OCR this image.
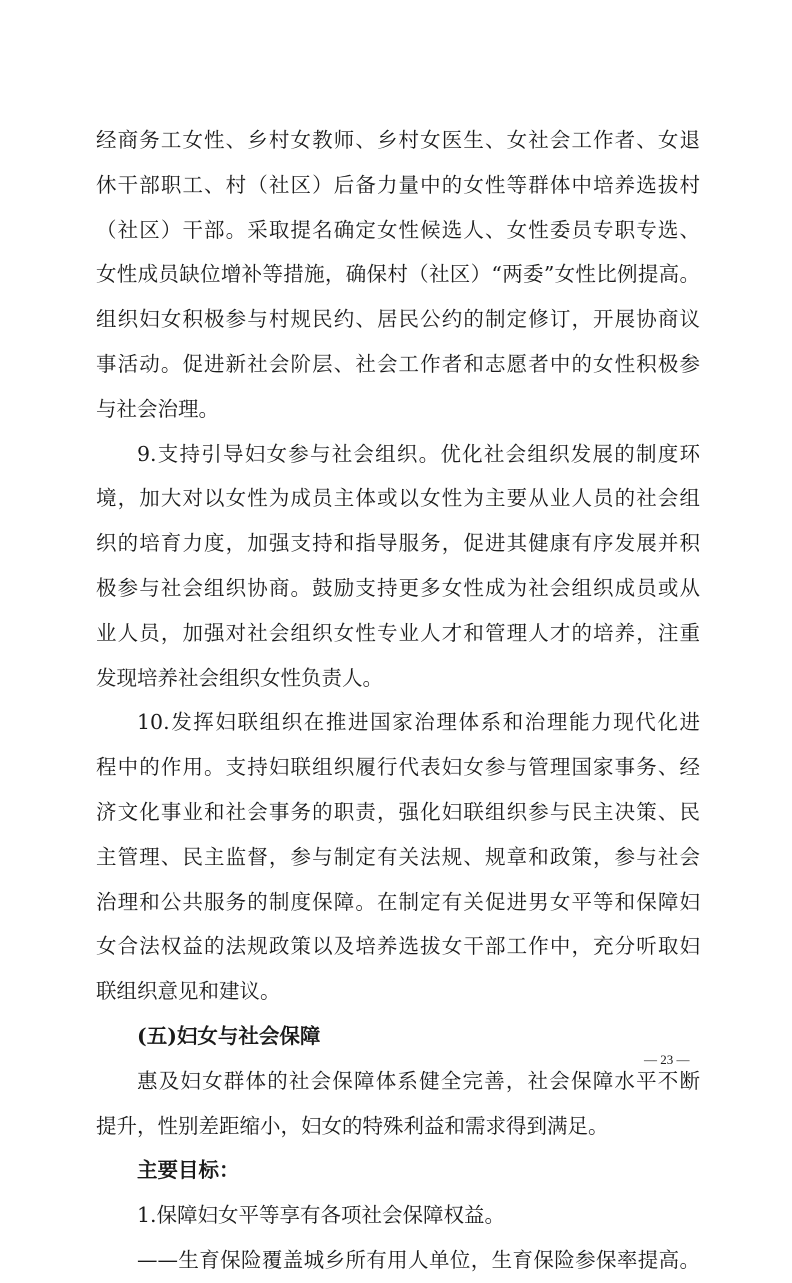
经商务工女性、乡村女教师、乡村女医生、女社会工作者、女退
休干部职工、村（社区）后备力量中的女性等群体中培养选拔村
（社区）干部。采取提名确定女性候选人、女性委员专职专选、
女性成员缺位增补等措施，确保村（社区）“两委”女性比例提高。
组织妇女积极参与村规民约、居民公约的制定修订，开展协商议
事活动。促进新社会阶层、社会工作者和志愿者中的女性积极参
与社会治理。
9.支持引导妇女参与社会组织。优化社会组织发展的制度环
境，加大对以女性为成员主体或以女性为主要从业人员的社会组
织的培育力度，加强支持和指导服务，促进其健康有序发展并积
极参与社会组织协商。鼓励支持更多女性成为社会组织成员或从
业人员，加强对社会组织女性专业人才和管理人才的培养，注重
发现培养社会组织女性负责人。
10.发挥妇联组织在推进国家治理体系和治理能力现代化进
程中的作用。支持妇联组织履行代表妇女参与管理国家事务、经
济文化事业和社会事务的职责，强化妇联组织参与民主决策、民
主管理、民主监督，参与制定有关法规、规章和政策，参与社会
治理和公共服务的制度保障。在制定有关促进男女平等和保障妇
女合法权益的法规政策以及培养选拔女干部工作中，充分听取妇
联组织意见和建议。
(五)妇女与社会保障
惠及妇女群体的社会保障体系健全完善，社会保障水平不断
提升，性别差距缩小，妇女的特殊利益和需求得到满足。
主要目标：
1.保障妇女平等享有各项社会保障权益。
——生育保险覆盖城乡所有用人单位，生育保险参保率提高。
— 23 —
